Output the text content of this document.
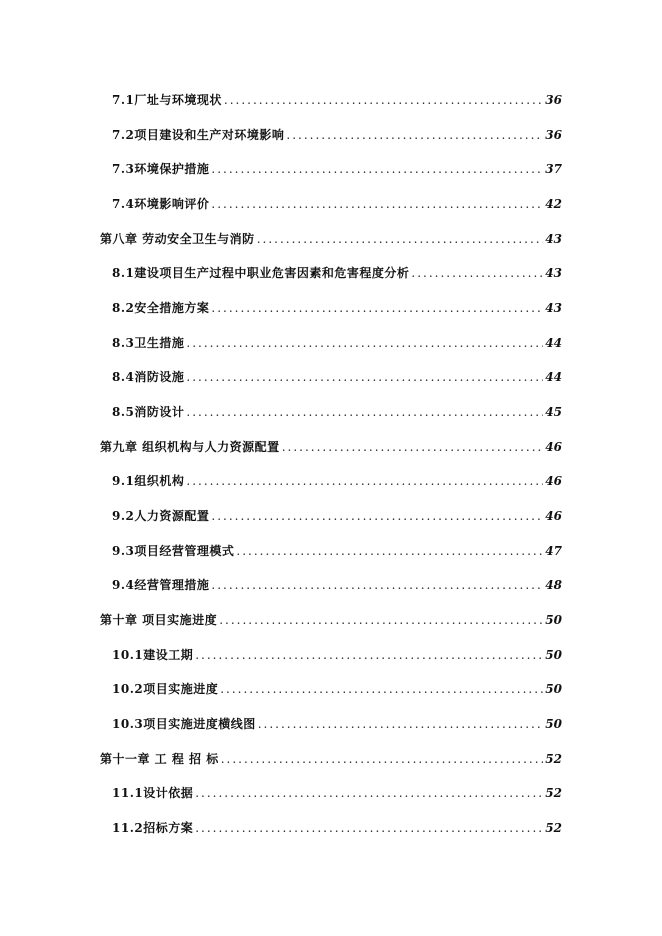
7.1厂址与环境现状 .....	36
7.2项目建设和生产对环境影响 .....	36
7.3环境保护措施 .....	37
7.4环境影响评价 .....	42
第八章 劳动安全卫生与消防 .....	43
8.1建设项目生产过程中职业危害因素和危害程度分析 .....	43
8.2安全措施方案 .....	43
8.3卫生措施 .....	44
8.4消防设施 .....	44
8.5消防设计 .....	45
第九章 组织机构与人力资源配置 .....	46
9.1组织机构 .....	46
9.2人力资源配置 .....	46
9.3项目经营管理模式 .....	47
9.4经营管理措施 .....	48
第十章 项目实施进度 .....	50
10.1建设工期 .....	50
10.2项目实施进度 .....	50
10.3项目实施进度横线图 .....	50
第十一章 工 程 招 标 .....	52
11.1设计依据 .....	52
11.2招标方案 .....	52
